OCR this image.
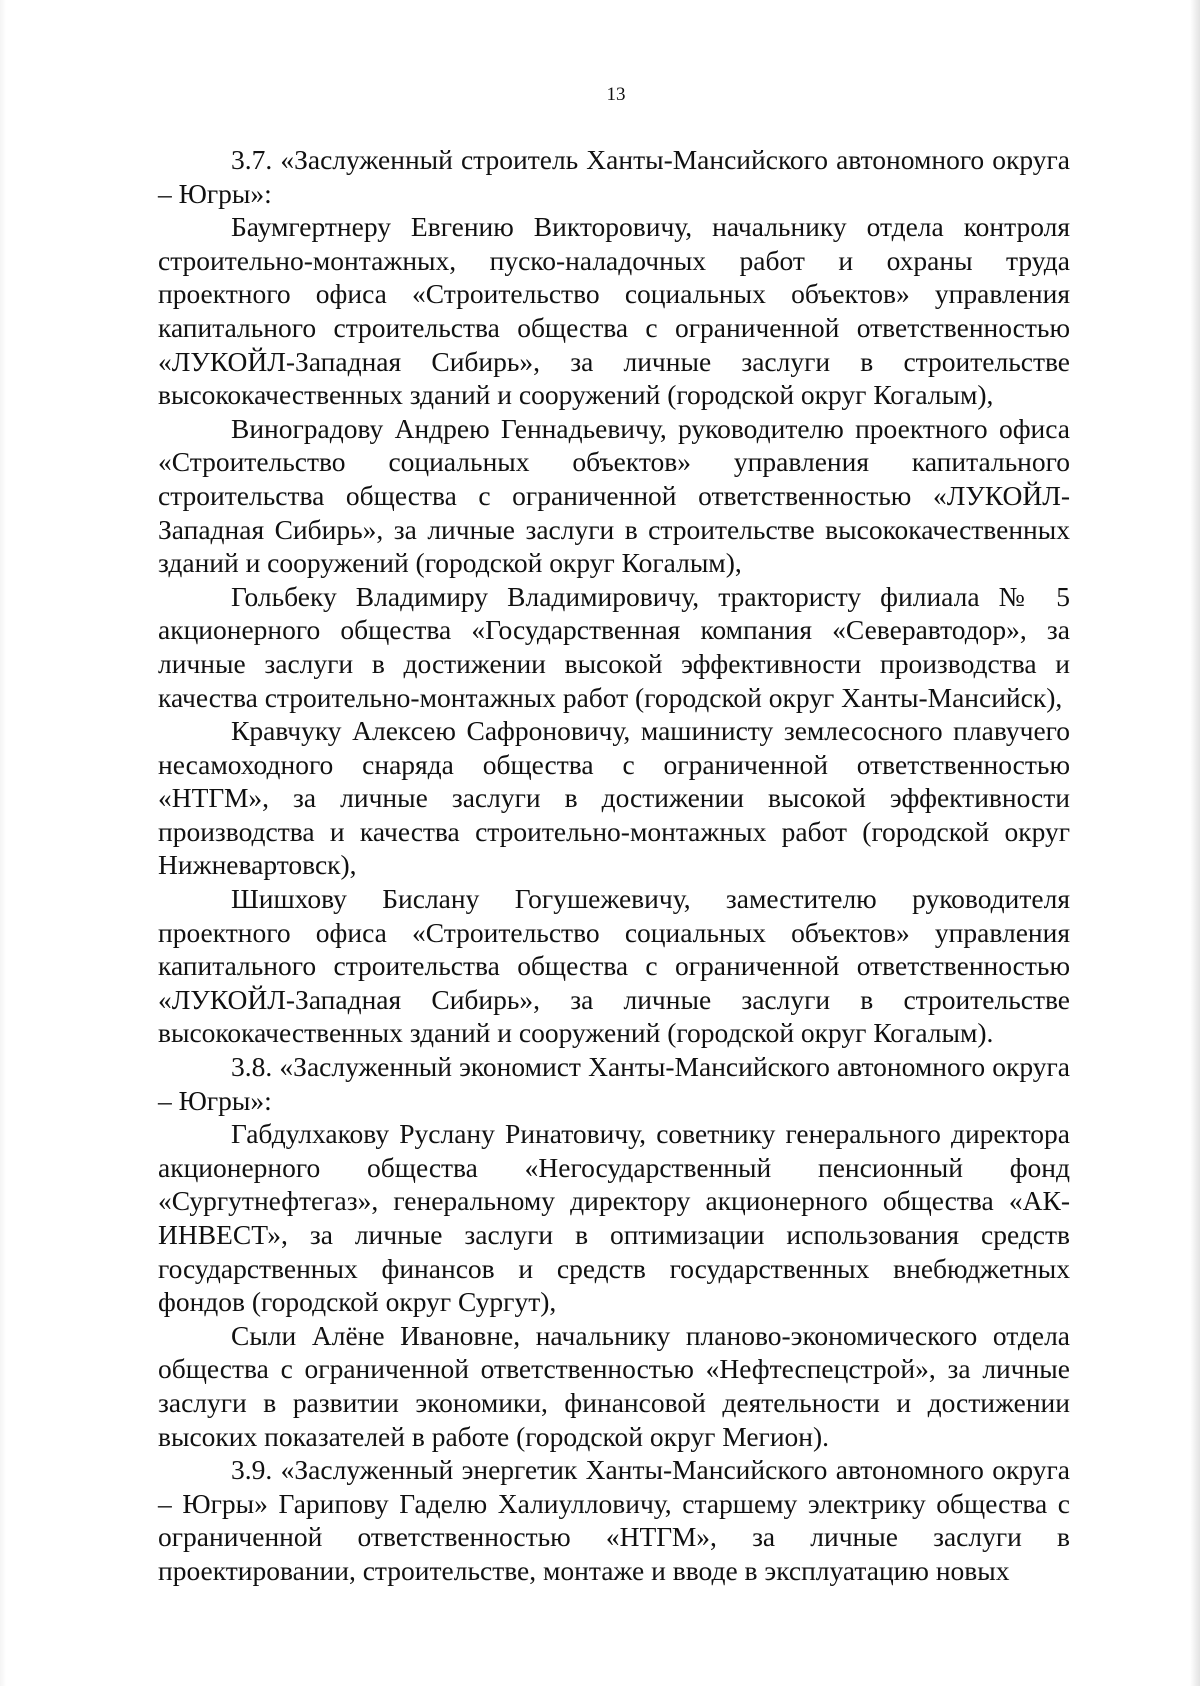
13

3.7. «Заслуженный строитель Ханты-Мансийского автономного округа – Югры»:

Баумгертнеру Евгению Викторовичу, начальнику отдела контроля строительно-монтажных, пуско-наладочных работ и охраны труда проектного офиса «Строительство социальных объектов» управления капитального строительства общества с ограниченной ответственностью «ЛУКОЙЛ-Западная Сибирь», за личные заслуги в строительстве высококачественных зданий и сооружений (городской округ Когалым),

Виноградову Андрею Геннадьевичу, руководителю проектного офиса «Строительство социальных объектов» управления капитального строительства общества с ограниченной ответственностью «ЛУКОЙЛ-Западная Сибирь», за личные заслуги в строительстве высококачественных зданий и сооружений (городской округ Когалым),

Гольбеку Владимиру Владимировичу, трактористу филиала № 5 акционерного общества «Государственная компания «Северавтодор», за личные заслуги в достижении высокой эффективности производства и качества строительно-монтажных работ (городской округ Ханты-Мансийск),

Кравчуку Алексею Сафроновичу, машинисту землесосного плавучего несамоходного снаряда общества с ограниченной ответственностью «НТГМ», за личные заслуги в достижении высокой эффективности производства и качества строительно-монтажных работ (городской округ Нижневартовск),

Шишхову Бислану Гогушежевичу, заместителю руководителя проектного офиса «Строительство социальных объектов» управления капитального строительства общества с ограниченной ответственностью «ЛУКОЙЛ-Западная Сибирь», за личные заслуги в строительстве высококачественных зданий и сооружений (городской округ Когалым).

3.8. «Заслуженный экономист Ханты-Мансийского автономного округа – Югры»:

Габдулхакову Руслану Ринатовичу, советнику генерального директора акционерного общества «Негосударственный пенсионный фонд «Сургутнефтегаз», генеральному директору акционерного общества «АК-ИНВЕСТ», за личные заслуги в оптимизации использования средств государственных финансов и средств государственных внебюджетных фондов (городской округ Сургут),

Сыли Алёне Ивановне, начальнику планово-экономического отдела общества с ограниченной ответственностью «Нефтеспецстрой», за личные заслуги в развитии экономики, финансовой деятельности и достижении высоких показателей в работе (городской округ Мегион).

3.9. «Заслуженный энергетик Ханты-Мансийского автономного округа – Югры» Гарипову Гаделю Халиулловичу, старшему электрику общества с ограниченной ответственностью «НТГМ», за личные заслуги в проектировании, строительстве, монтаже и вводе в эксплуатацию новых
